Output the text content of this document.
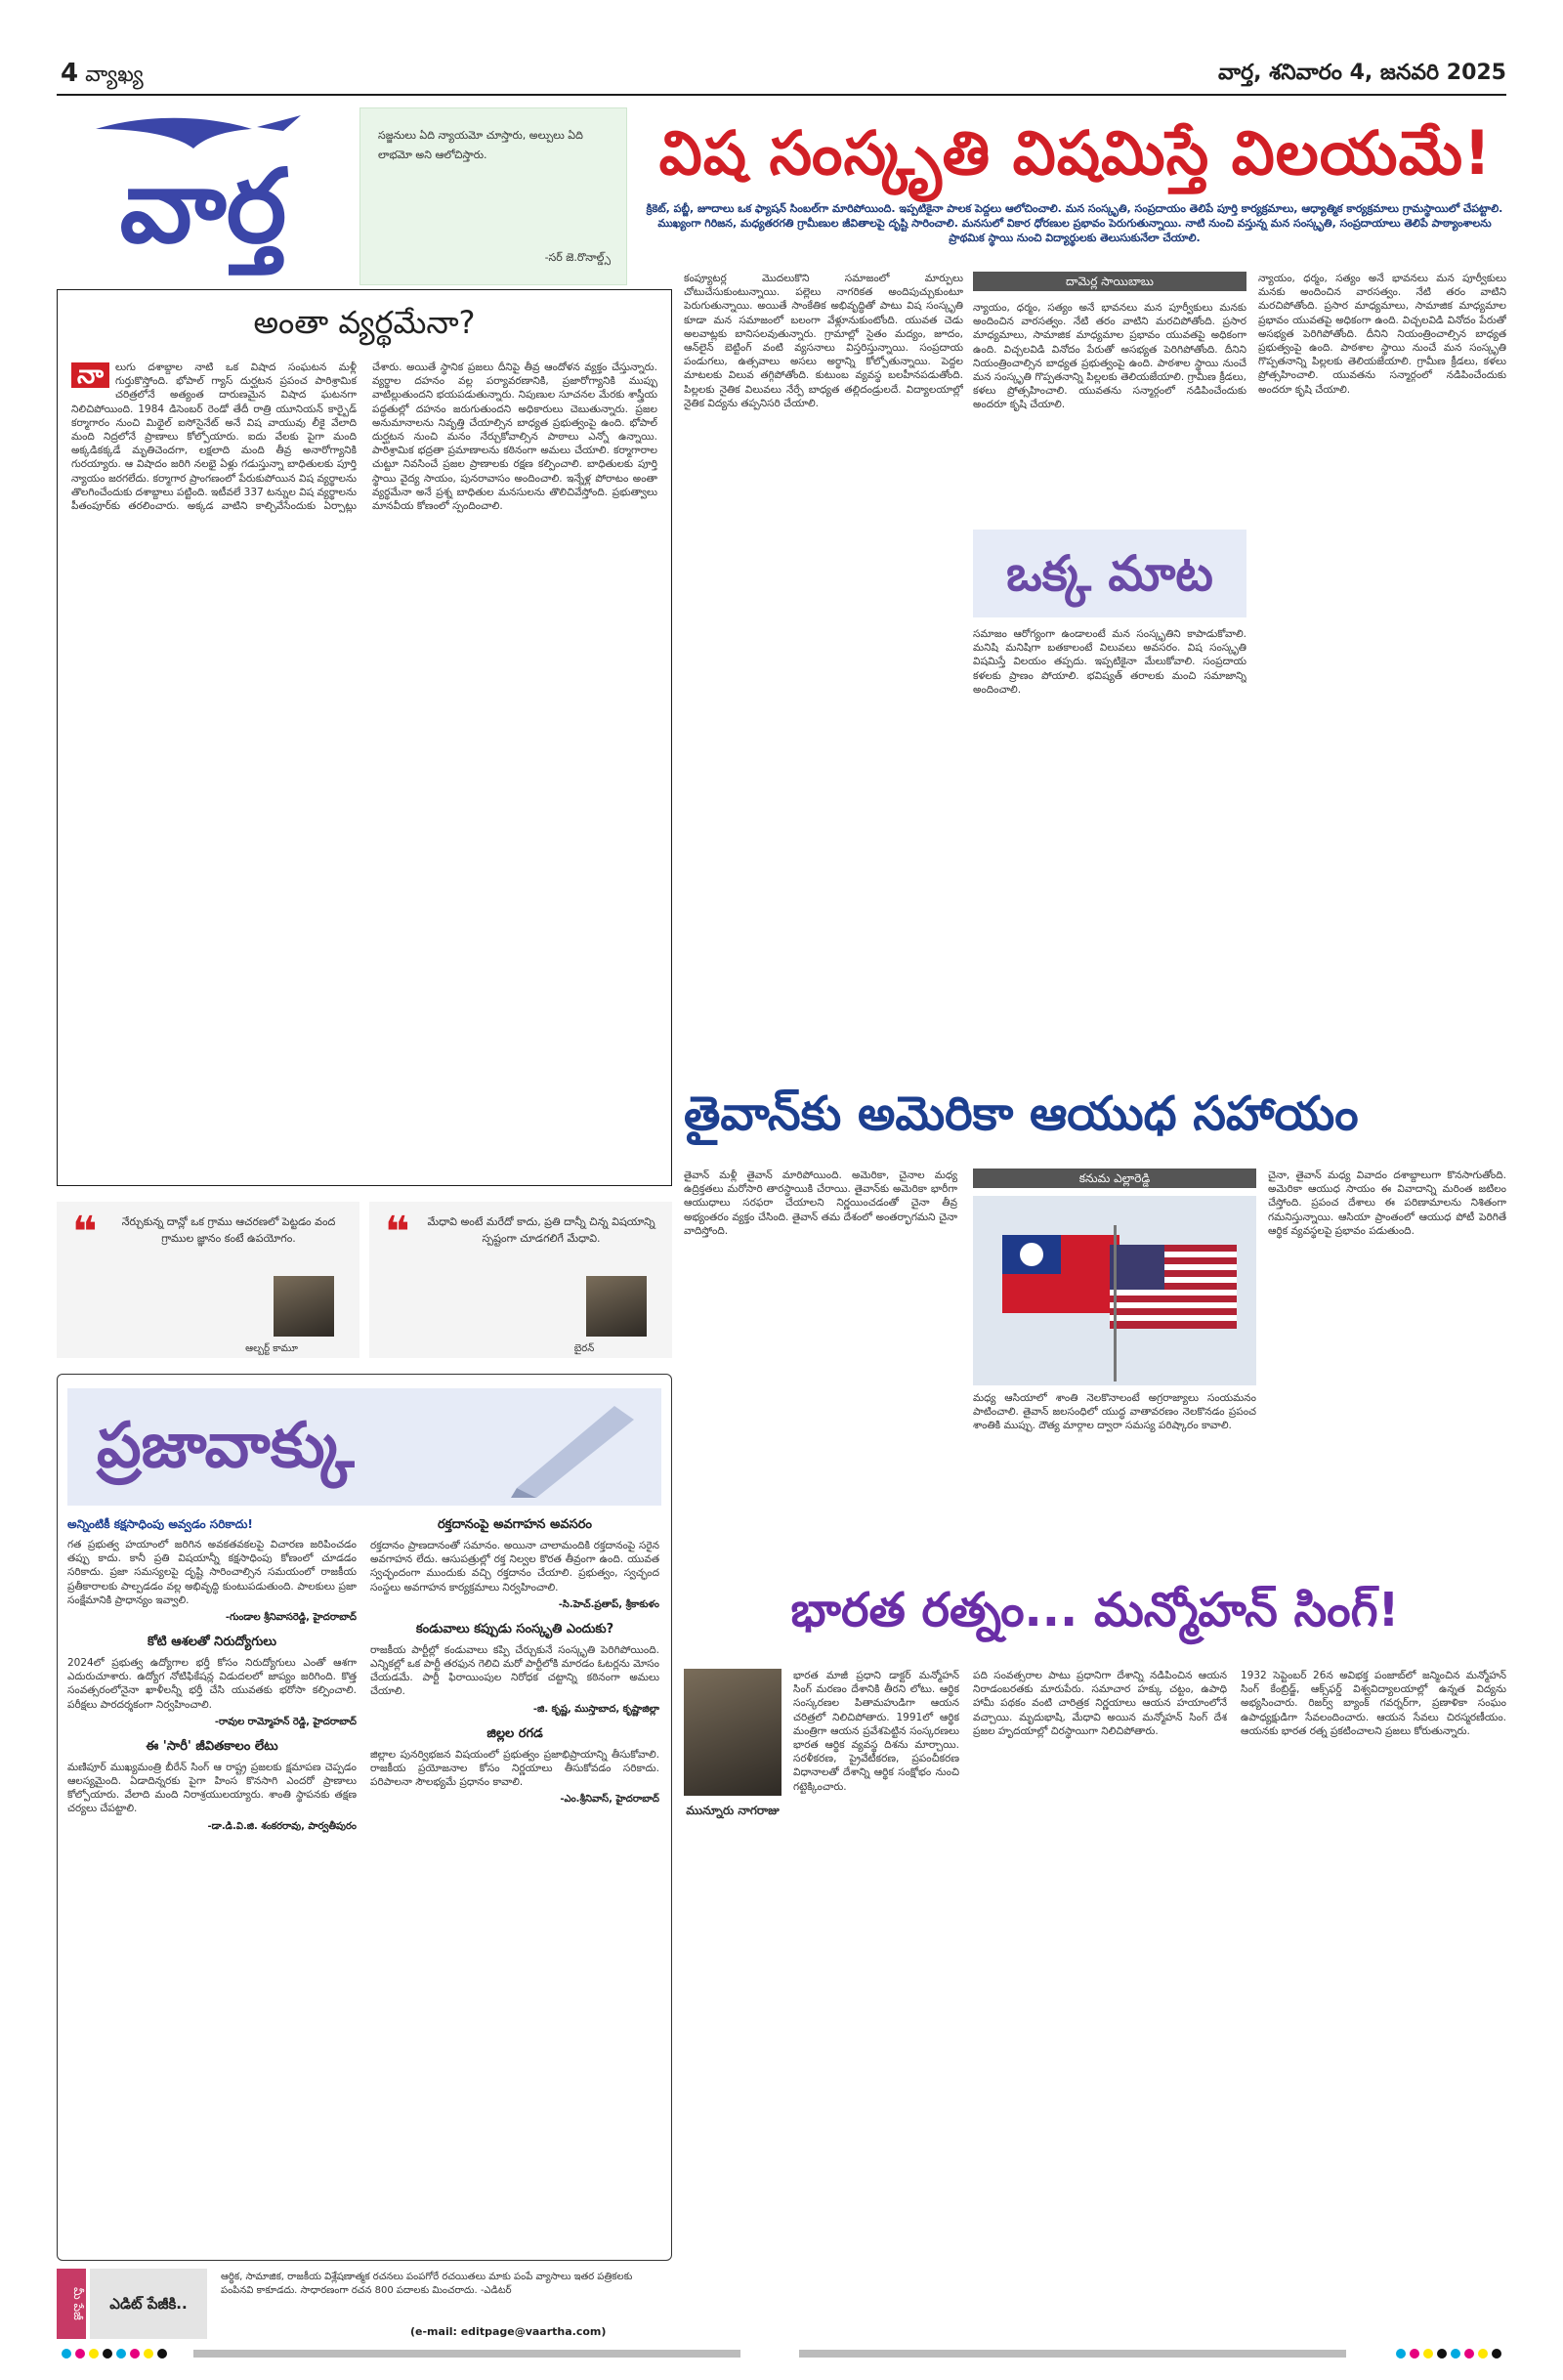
4 వ్యాఖ్య	వార్త, శనివారం 4, జనవరి 2025
వార్త
సజ్జనులు ఏది న్యాయమో చూస్తారు, అల్పులు ఏది లాభమో అని ఆలోచిస్తారు.
-సర్ జె.రొనాల్డ్స్
విష సంస్కృతి విషమిస్తే విలయమే!
క్రికెట్, పబ్జీ, జూదాలు ఒక ఫ్యాషన్ సింబల్‌గా మారిపోయింది. ఇప్పటికైనా పాలక పెద్దలు ఆలోచించాలి. మన సంస్కృతి, సంప్రదాయం తెలిపే పూర్తి కార్యక్రమాలు, ఆధ్యాత్మిక కార్యక్రమాలు గ్రామస్థాయిలో చేపట్టాలి. ముఖ్యంగా గిరిజన, మధ్యతరగతి గ్రామీణుల జీవితాలపై దృష్టి సారించాలి. మనసులో వికార ధోరణుల ప్రభావం పెరుగుతున్నాయి. నాటి నుంచి వస్తున్న మన సంస్కృతి, సంప్రదాయాలు తెలిపే పాఠ్యాంశాలను ప్రాథమిక స్థాయి నుంచి విద్యార్థులకు తెలుసుకునేలా చేయాలి.
అంతా వ్యర్థమేనా?
నా	లుగు దశాబ్దాల నాటి ఒక విషాద సంఘటన మళ్లీ గుర్తుకొస్తోంది. భోపాల్ గ్యాస్ దుర్ఘటన ప్రపంచ పారిశ్రామిక చరిత్రలోనే అత్యంత దారుణమైన విషాద ఘటనగా నిలిచిపోయింది. 1984 డిసెంబర్ రెండో తేదీ రాత్రి యూనియన్ కార్బైడ్ కర్మాగారం నుంచి మిథైల్ ఐసోసైనేట్ అనే విష వాయువు లీకై వేలాది మంది నిద్రలోనే ప్రాణాలు కోల్పోయారు. ఐదు వేలకు పైగా మంది అక్కడికక్కడే మృతిచెందగా, లక్షలాది మంది తీవ్ర అనారోగ్యానికి గురయ్యారు. ఆ విషాదం జరిగి నలభై ఏళ్లు గడుస్తున్నా బాధితులకు పూర్తి న్యాయం జరగలేదు. కర్మాగార ప్రాంగణంలో పేరుకుపోయిన విష వ్యర్థాలను తొలగించేందుకు దశాబ్దాలు పట్టింది. ఇటీవలే 337 టన్నుల విష వ్యర్థాలను పీతంపూర్‌కు తరలించారు. అక్కడ వాటిని కాల్చివేసేందుకు ఏర్పాట్లు చేశారు. అయితే స్థానిక ప్రజలు దీనిపై తీవ్ర ఆందోళన వ్యక్తం చేస్తున్నారు. వ్యర్థాల దహనం వల్ల పర్యావరణానికి, ప్రజారోగ్యానికి ముప్పు వాటిల్లుతుందని భయపడుతున్నారు. నిపుణుల సూచనల మేరకు శాస్త్రీయ పద్ధతుల్లో దహనం జరుగుతుందని అధికారులు చెబుతున్నారు. ప్రజల అనుమానాలను నివృత్తి చేయాల్సిన బాధ్యత ప్రభుత్వంపై ఉంది. భోపాల్ దుర్ఘటన నుంచి మనం నేర్చుకోవాల్సిన పాఠాలు ఎన్నో ఉన్నాయి. పారిశ్రామిక భద్రతా ప్రమాణాలను కఠినంగా అమలు చేయాలి. కర్మాగారాల చుట్టూ నివసించే ప్రజల ప్రాణాలకు రక్షణ కల్పించాలి. బాధితులకు పూర్తి స్థాయి వైద్య సాయం, పునరావాసం అందించాలి. ఇన్నేళ్ల పోరాటం అంతా వ్యర్థమేనా అనే ప్రశ్న బాధితుల మనసులను తొలిచివేస్తోంది. ప్రభుత్వాలు మానవీయ కోణంలో స్పందించాలి.
❝	నేర్చుకున్న దాన్లో ఒక గ్రాము ఆచరణలో పెట్టడం వంద గ్రాముల జ్ఞానం కంటే ఉపయోగం.
ఆల్బర్ట్ కామూ
❝	మేధావి అంటే మరేదో కాదు, ప్రతి దాన్నీ చిన్న విషయాన్ని స్పష్టంగా చూడగలిగే మేధావి.
బైరన్
ప్రజావాక్కు
అన్నింటికీ కక్షసాధింపు అవ్వడం సరికాదు!
గత ప్రభుత్వ హయాంలో జరిగిన అవకతవకలపై విచారణ జరిపించడం తప్పు కాదు. కానీ ప్రతి విషయాన్నీ కక్షసాధింపు కోణంలో చూడడం సరికాదు. ప్రజా సమస్యలపై దృష్టి సారించాల్సిన సమయంలో రాజకీయ ప్రతీకారాలకు పాల్పడడం వల్ల అభివృద్ధి కుంటుపడుతుంది. పాలకులు ప్రజా సంక్షేమానికి ప్రాధాన్యం ఇవ్వాలి.
-గుండాల శ్రీనివాసరెడ్డి, హైదరాబాద్
కోటి ఆశలతో నిరుద్యోగులు
2024లో ప్రభుత్వ ఉద్యోగాల భర్తీ కోసం నిరుద్యోగులు ఎంతో ఆశగా ఎదురుచూశారు. ఉద్యోగ నోటిఫికేషన్ల విడుదలలో జాప్యం జరిగింది. కొత్త సంవత్సరంలోనైనా ఖాళీలన్నీ భర్తీ చేసి యువతకు భరోసా కల్పించాలి. పరీక్షలు పారదర్శకంగా నిర్వహించాలి.
-రావుల రామ్మోహన్ రెడ్డి, హైదరాబాద్
ఈ 'సారీ' జీవితకాలం లేటు
మణిపూర్ ముఖ్యమంత్రి బీరేన్ సింగ్ ఆ రాష్ట్ర ప్రజలకు క్షమాపణ చెప్పడం ఆలస్యమైంది. ఏడాదిన్నరకు పైగా హింస కొనసాగి ఎందరో ప్రాణాలు కోల్పోయారు. వేలాది మంది నిరాశ్రయులయ్యారు. శాంతి స్థాపనకు తక్షణ చర్యలు చేపట్టాలి.
-డా.డి.వి.జి. శంకరరావు, పార్వతీపురం
రక్తదానంపై అవగాహన అవసరం
రక్తదానం ప్రాణదానంతో సమానం. అయినా చాలామందికి రక్తదానంపై సరైన అవగాహన లేదు. ఆసుపత్రుల్లో రక్త నిల్వల కొరత తీవ్రంగా ఉంది. యువత స్వచ్ఛందంగా ముందుకు వచ్చి రక్తదానం చేయాలి. ప్రభుత్వం, స్వచ్ఛంద సంస్థలు అవగాహన కార్యక్రమాలు నిర్వహించాలి.
-సి.హెచ్.ప్రతాప్, శ్రీకాకుళం
కండువాలు కప్పుడు సంస్కృతి ఎందుకు?
రాజకీయ పార్టీల్లో కండువాలు కప్పి చేర్చుకునే సంస్కృతి పెరిగిపోయింది. ఎన్నికల్లో ఒక పార్టీ తరఫున గెలిచి మరో పార్టీలోకి మారడం ఓటర్లను మోసం చేయడమే. పార్టీ ఫిరాయింపుల నిరోధక చట్టాన్ని కఠినంగా అమలు చేయాలి.
-జి. కృష్ణ, ముస్తాబాద, కృష్ణాజిల్లా
జిల్లల రగడ
జిల్లాల పునర్విభజన విషయంలో ప్రభుత్వం ప్రజాభిప్రాయాన్ని తీసుకోవాలి. రాజకీయ ప్రయోజనాల కోసం నిర్ణయాలు తీసుకోవడం సరికాదు. పరిపాలనా సౌలభ్యమే ప్రధానం కావాలి.
-ఎం.శ్రీనివాస్, హైదరాబాద్
కంప్యూటర్ల మొదలుకొని సమాజంలో మార్పులు చోటుచేసుకుంటున్నాయి. పల్లెలు నాగరికత అందిపుచ్చుకుంటూ పెరుగుతున్నాయి. అయితే సాంకేతిక అభివృద్ధితో పాటు విష సంస్కృతి కూడా మన సమాజంలో బలంగా వేళ్లూనుకుంటోంది. యువత చెడు అలవాట్లకు బానిసలవుతున్నారు. గ్రామాల్లో సైతం మద్యం, జూదం, ఆన్‌లైన్ బెట్టింగ్ వంటి వ్యసనాలు విస్తరిస్తున్నాయి. సంప్రదాయ పండుగలు, ఉత్సవాలు అసలు అర్థాన్ని కోల్పోతున్నాయి. పెద్దల మాటలకు విలువ తగ్గిపోతోంది. కుటుంబ వ్యవస్థ బలహీనపడుతోంది. పిల్లలకు నైతిక విలువలు నేర్పే బాధ్యత తల్లిదండ్రులదే. విద్యాలయాల్లో నైతిక విద్యను తప్పనిసరి చేయాలి.
దామెర్ల సాయిబాబు
ఒక్క మాట
న్యాయం, ధర్మం, సత్యం అనే భావనలు మన పూర్వీకులు మనకు అందించిన వారసత్వం. నేటి తరం వాటిని మరచిపోతోంది. ప్రసార మాధ్యమాలు, సామాజిక మాధ్యమాల ప్రభావం యువతపై అధికంగా ఉంది. విచ్చలవిడి వినోదం పేరుతో అసభ్యత పెరిగిపోతోంది. దీనిని నియంత్రించాల్సిన బాధ్యత ప్రభుత్వంపై ఉంది. పాఠశాల స్థాయి నుంచే మన సంస్కృతి గొప్పతనాన్ని పిల్లలకు తెలియజేయాలి. గ్రామీణ క్రీడలు, కళలు ప్రోత్సహించాలి. యువతను సన్మార్గంలో నడిపించేందుకు అందరూ కృషి చేయాలి.
సమాజం ఆరోగ్యంగా ఉండాలంటే మన సంస్కృతిని కాపాడుకోవాలి. మనిషి మనిషిగా బతకాలంటే విలువలు అవసరం. విష సంస్కృతి విషమిస్తే విలయం తప్పదు. ఇప్పటికైనా మేలుకోవాలి. సంప్రదాయ కళలకు ప్రాణం పోయాలి. భవిష్యత్ తరాలకు మంచి సమాజాన్ని అందించాలి.
న్యాయం, ధర్మం, సత్యం అనే భావనలు మన పూర్వీకులు మనకు అందించిన వారసత్వం. నేటి తరం వాటిని మరచిపోతోంది. ప్రసార మాధ్యమాలు, సామాజిక మాధ్యమాల ప్రభావం యువతపై అధికంగా ఉంది. విచ్చలవిడి వినోదం పేరుతో అసభ్యత పెరిగిపోతోంది. దీనిని నియంత్రించాల్సిన బాధ్యత ప్రభుత్వంపై ఉంది. పాఠశాల స్థాయి నుంచే మన సంస్కృతి గొప్పతనాన్ని పిల్లలకు తెలియజేయాలి. గ్రామీణ క్రీడలు, కళలు ప్రోత్సహించాలి. యువతను సన్మార్గంలో నడిపించేందుకు అందరూ కృషి చేయాలి.
తైవాన్‌కు అమెరికా ఆయుధ సహాయం
తైవాన్ మళ్లీ తైవాన్ మారిపోయింది. అమెరికా, చైనాల మధ్య ఉద్రిక్తతలు మరోసారి తారస్థాయికి చేరాయి. తైవాన్‌కు అమెరికా భారీగా ఆయుధాలు సరఫరా చేయాలని నిర్ణయించడంతో చైనా తీవ్ర అభ్యంతరం వ్యక్తం చేసింది. తైవాన్ తమ దేశంలో అంతర్భాగమని చైనా వాదిస్తోంది.
కనుమ ఎల్లారెడ్డి
మధ్య ఆసియాలో శాంతి నెలకొనాలంటే అగ్రరాజ్యాలు సంయమనం పాటించాలి. తైవాన్ జలసంధిలో యుద్ధ వాతావరణం నెలకొనడం ప్రపంచ శాంతికి ముప్పు. దౌత్య మార్గాల ద్వారా సమస్య పరిష్కారం కావాలి.
చైనా, తైవాన్ మధ్య వివాదం దశాబ్దాలుగా కొనసాగుతోంది. అమెరికా ఆయుధ సాయం ఈ వివాదాన్ని మరింత జటిలం చేస్తోంది. ప్రపంచ దేశాలు ఈ పరిణామాలను నిశితంగా గమనిస్తున్నాయి. ఆసియా ప్రాంతంలో ఆయుధ పోటీ పెరిగితే ఆర్థిక వ్యవస్థలపై ప్రభావం పడుతుంది.
భారత రత్నం... మన్మోహన్ సింగ్!
మున్నూరు నాగరాజు
భారత మాజీ ప్రధాని డాక్టర్ మన్మోహన్ సింగ్ మరణం దేశానికి తీరని లోటు. ఆర్థిక సంస్కరణల పితామహుడిగా ఆయన చరిత్రలో నిలిచిపోతారు. 1991లో ఆర్థిక మంత్రిగా ఆయన ప్రవేశపెట్టిన సంస్కరణలు భారత ఆర్థిక వ్యవస్థ దిశను మార్చాయి. సరళీకరణ, ప్రైవేటీకరణ, ప్రపంచీకరణ విధానాలతో దేశాన్ని ఆర్థిక సంక్షోభం నుంచి గట్టెక్కించారు.
పది సంవత్సరాల పాటు ప్రధానిగా దేశాన్ని నడిపించిన ఆయన నిరాడంబరతకు మారుపేరు. సమాచార హక్కు చట్టం, ఉపాధి హామీ పథకం వంటి చారిత్రక నిర్ణయాలు ఆయన హయాంలోనే వచ్చాయి. మృదుభాషి, మేధావి అయిన మన్మోహన్ సింగ్ దేశ ప్రజల హృదయాల్లో చిరస్థాయిగా నిలిచిపోతారు.
1932 సెప్టెంబర్ 26న అవిభక్త పంజాబ్‌లో జన్మించిన మన్మోహన్ సింగ్ కేంబ్రిడ్జ్, ఆక్స్‌ఫర్డ్ విశ్వవిద్యాలయాల్లో ఉన్నత విద్యను అభ్యసించారు. రిజర్వ్ బ్యాంక్ గవర్నర్‌గా, ప్రణాళికా సంఘం ఉపాధ్యక్షుడిగా సేవలందించారు. ఆయన సేవలు చిరస్మరణీయం. ఆయనకు భారత రత్న ప్రకటించాలని ప్రజలు కోరుతున్నారు.
మీ పేజీ	ఎడిట్ పేజీకి..
ఆర్థిక, సామాజిక, రాజకీయ విశ్లేషణాత్మక రచనలు పంపగోరే రచయితలు మాకు పంపే వ్యాసాలు ఇతర పత్రికలకు పంపినవి కాకూడదు. సాధారణంగా రచన 800 పదాలకు మించరాదు. -ఎడిటర్
(e-mail: editpage@vaartha.com)
